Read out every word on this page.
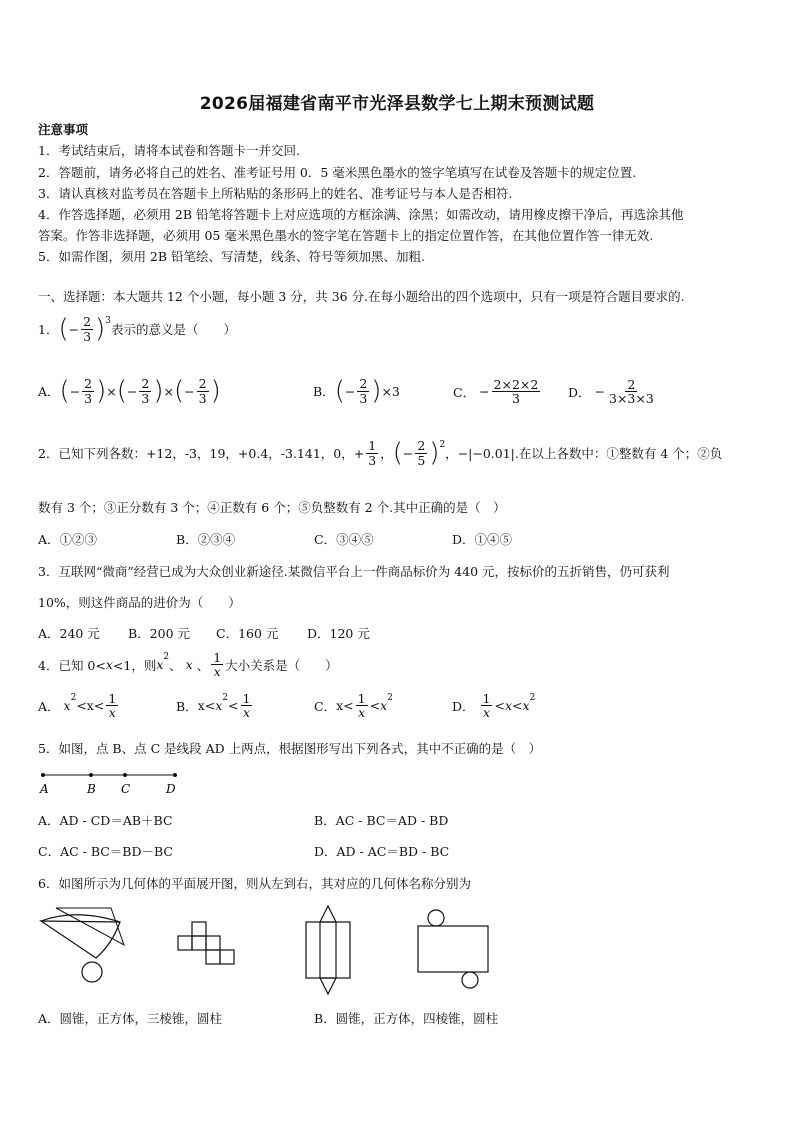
2026届福建省南平市光泽县数学七上期末预测试题
注意事项
1．考试结束后，请将本试卷和答题卡一并交回.
2．答题前，请务必将自己的姓名、准考证号用 0．5 毫米黑色墨水的签字笔填写在试卷及答题卡的规定位置.
3．请认真核对监考员在答题卡上所粘贴的条形码上的姓名、准考证号与本人是否相符.
4．作答选择题，必须用 2B 铅笔将答题卡上对应选项的方框涂满、涂黑；如需改动，请用橡皮擦干净后，再选涂其他
答案。作答非选择题，必须用 05 毫米黑色墨水的签字笔在答题卡上的指定位置作答，在其他位置作答一律无效.
5．如需作图，须用 2B 铅笔绘、写清楚，线条、符号等须加黑、加粗.
一、选择题：本大题共 12 个小题，每小题 3 分，共 36 分.在每小题给出的四个选项中，只有一项是符合题目要求的.
1． ( − $\frac{2}{3}$ ) 3
表示的意义是（　　）
A． ( − $\frac{2}{3}$ ) × ( − $\frac{2}{3}$ ) × ( − $\frac{2}{3}$ )	B． ( − $\frac{2}{3}$ ) ×3	C．
− $\frac{2\times 2\times 2}{3}$ D．
− $\frac{2}{3\times 3\times 3}$
2．已知下列各数：+12，-3，19，+0.4，-3.141，0， + $\frac{1}{3}$ ， ( − $\frac{2}{5}$ ) 2
， −|−0.01| .在以上各数中：①整数有 4 个；②负
数有 3 个；③正分数有 3 个；④正数有 6 个；⑤负整数有 2 个.其中正确的是（　）
A．①②③	B．②③④	C．③④⑤	D．①④⑤
3．互联网“微商”经营已成为大众创业新途径.某微信平台上一件商品标价为 440 元，按标价的五折销售，仍可获利
10%，则这件商品的进价为（　　）
A．240 元 B．200 元 C．160 元 D．120 元
4．已知 0< x <1，则 x
2
、
x
、 $\frac{1}{x}$ 大小关系是（　　）
A．
x
2
< $x < \frac{1}{x}$	B． x < x
2
< $\frac{1}{x}$	C． $x < \frac{1}{x} < x$
2
D．
$\frac{1}{x} < x < x$
2
5．如图，点 B、点 C 是线段 AD 上两点，根据图形写出下列各式，其中不正确的是（　）
A	B C	D
A．AD - CD＝AB＋BC	B．AC - BC＝AD - BD
C．AC - BC＝BD－BC	D．AD - AC＝BD - BC
6．如图所示为几何体的平面展开图，则从左到右，其对应的几何体名称分别为
A．圆锥，正方体，三棱锥，圆柱	B．圆锥，正方体，四棱锥，圆柱
